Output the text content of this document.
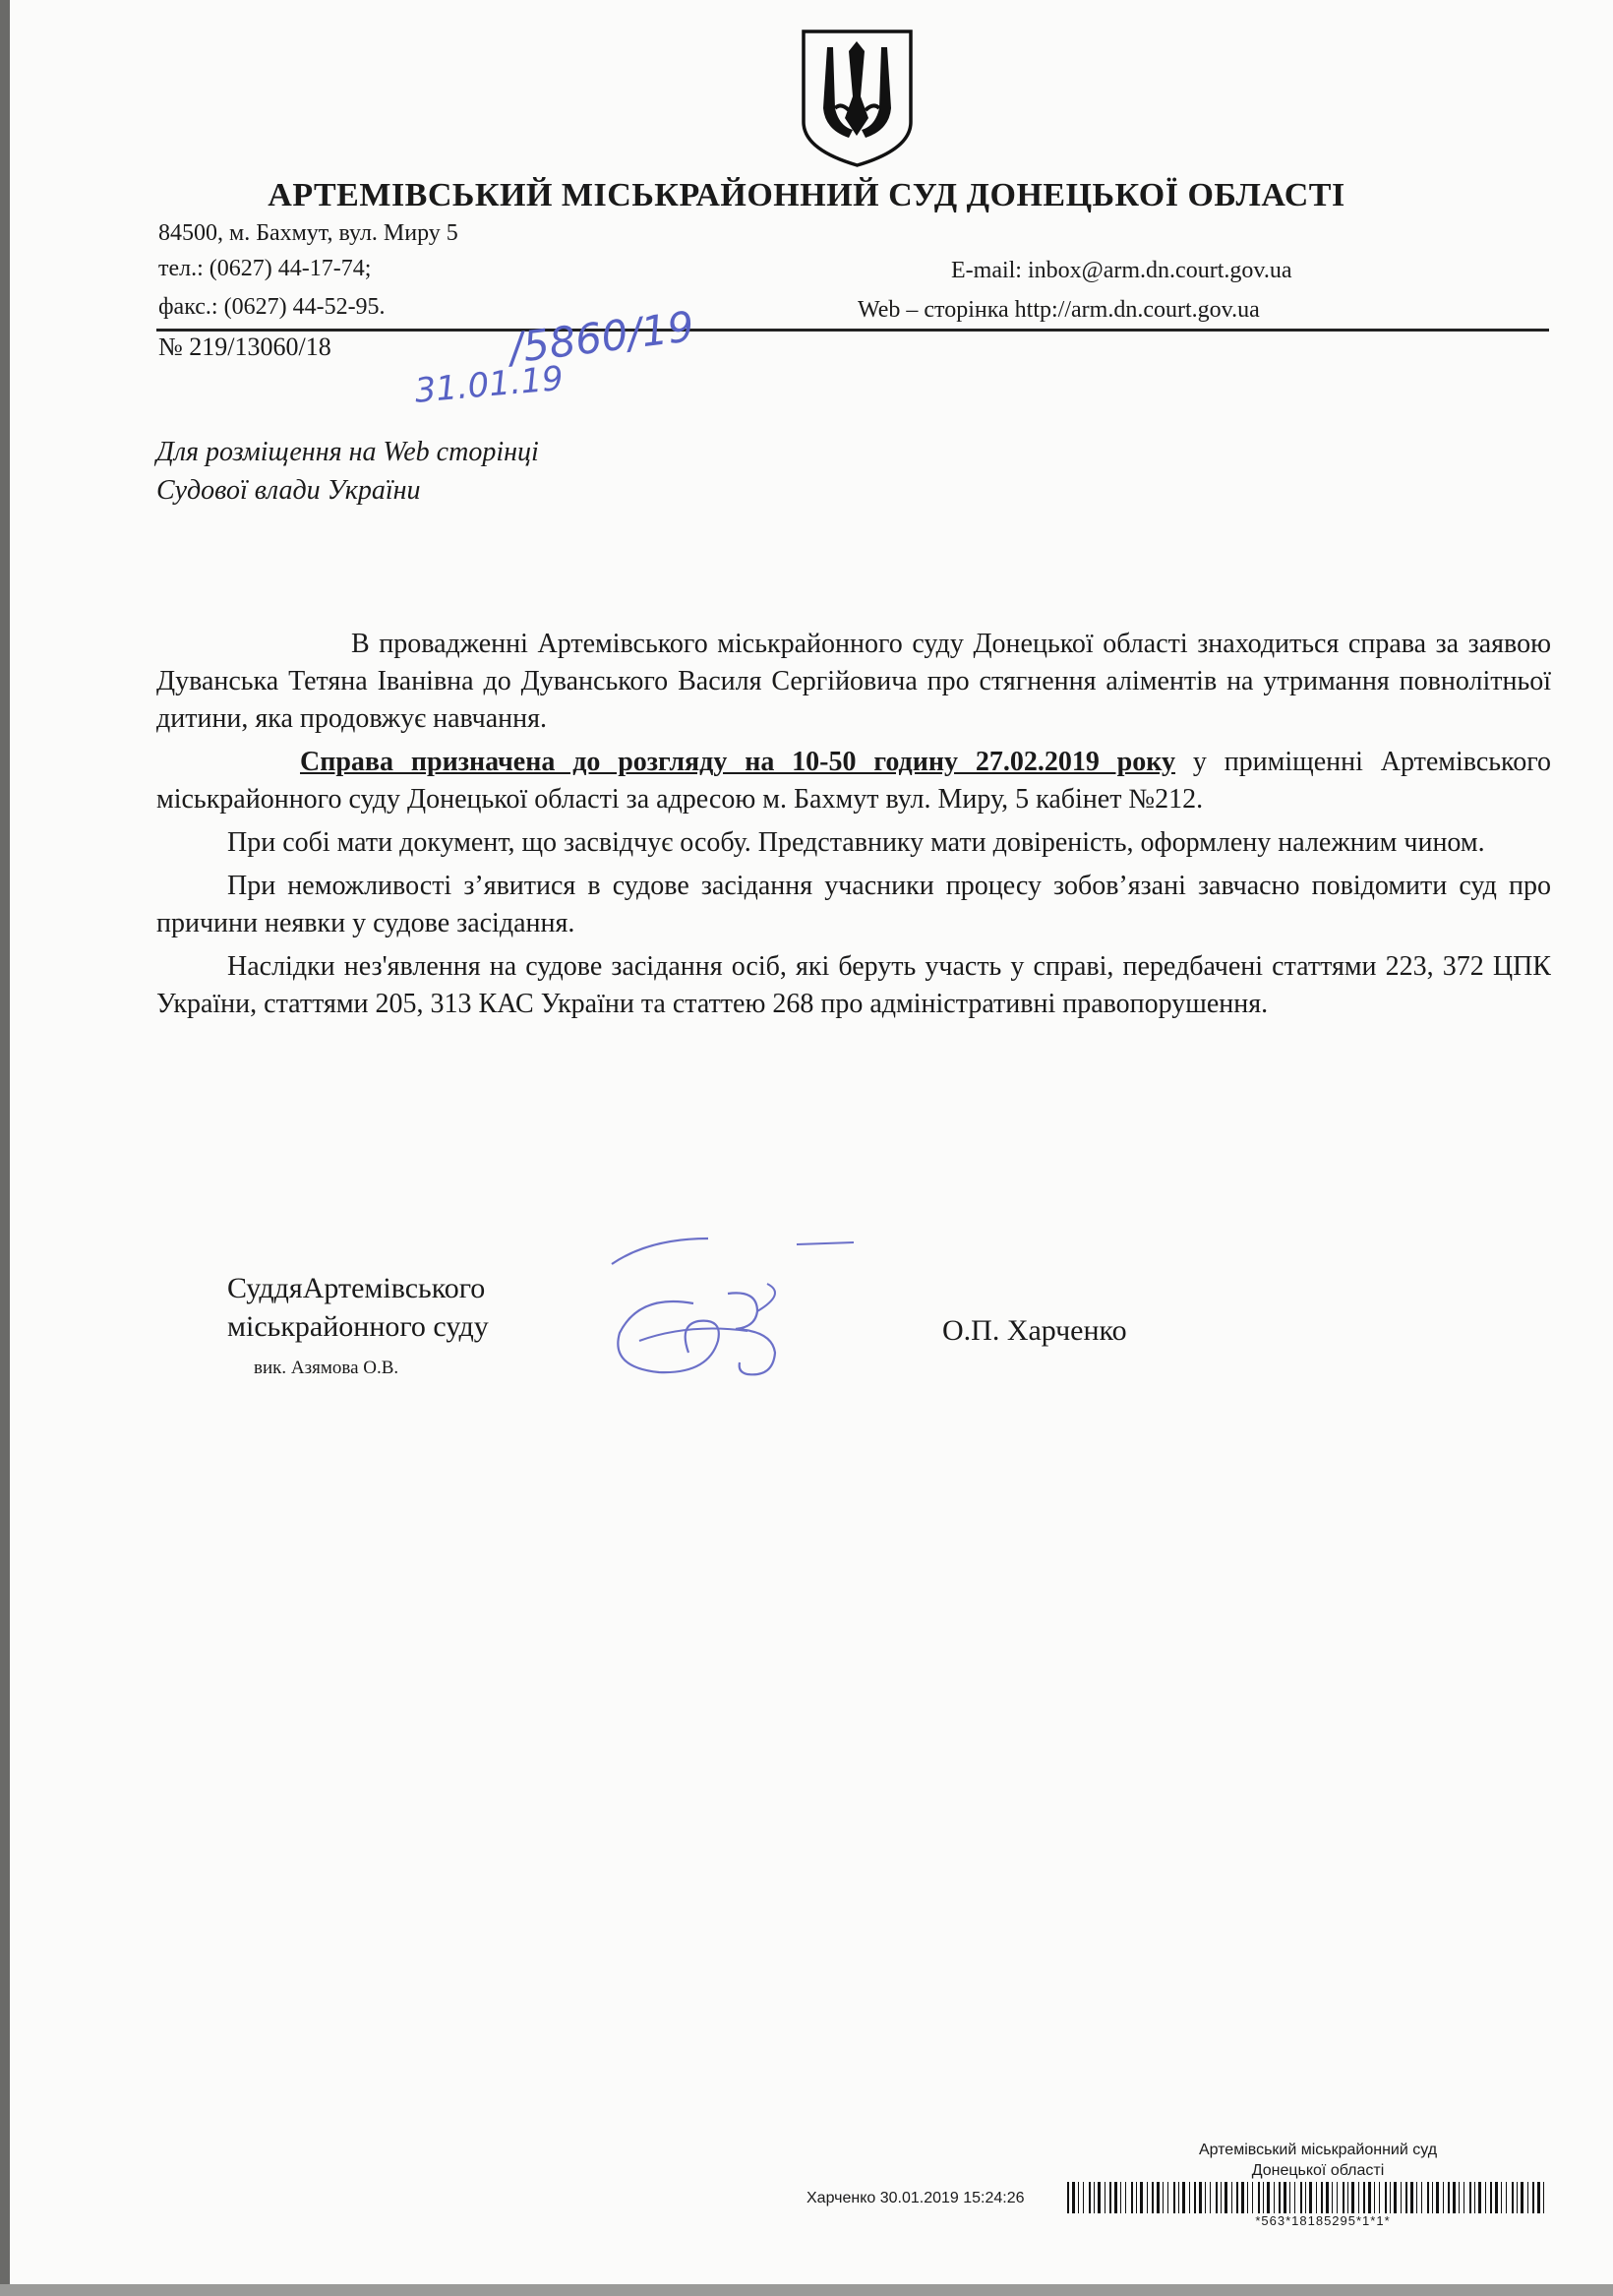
АРТЕМІВСЬКИЙ МІСЬКРАЙОННИЙ СУД ДОНЕЦЬКОЇ ОБЛАСТІ
84500, м. Бахмут, вул. Миру 5
тел.: (0627) 44-17-74;
факс.: (0627) 44-52-95.
E-mail: inbox@arm.dn.court.gov.ua
Web – сторінка http://arm.dn.court.gov.ua
№ 219/13060/18	/5860/19
31.01.19
Для розміщення на Web сторінці
Судової влади України

В провадженні Артемівського міськрайонного суду Донецької області знаходиться справа за заявою Дуванська Тетяна Іванівна до Дуванського Василя Сергійовича про стягнення аліментів на утримання повнолітньої дитини, яка продовжує навчання.

Справа призначена до розгляду на 10-50 годину 27.02.2019 року у приміщенні Артемівського міськрайонного суду Донецької області за адресою м. Бахмут вул. Миру, 5 кабінет №212.

При собі мати документ, що засвідчує особу. Представнику мати довіреність, оформлену належним чином.

При неможливості з’явитися в судове засідання учасники процесу зобов’язані завчасно повідомити суд про причини неявки у судове засідання.

Наслідки нез'явлення на судове засідання осіб, які беруть участь у справі, передбачені статтями 223, 372 ЦПК України, статтями 205, 313 КАС України та статтею 268 про адміністративні правопорушення.

СуддяАртемівського
міськрайонного суду
вик. Азямова О.В.
О.П. Харченко
Артемівський міськрайонний суд
Донецької області
Харченко 30.01.2019 15:24:26
*563*18185295*1*1*
